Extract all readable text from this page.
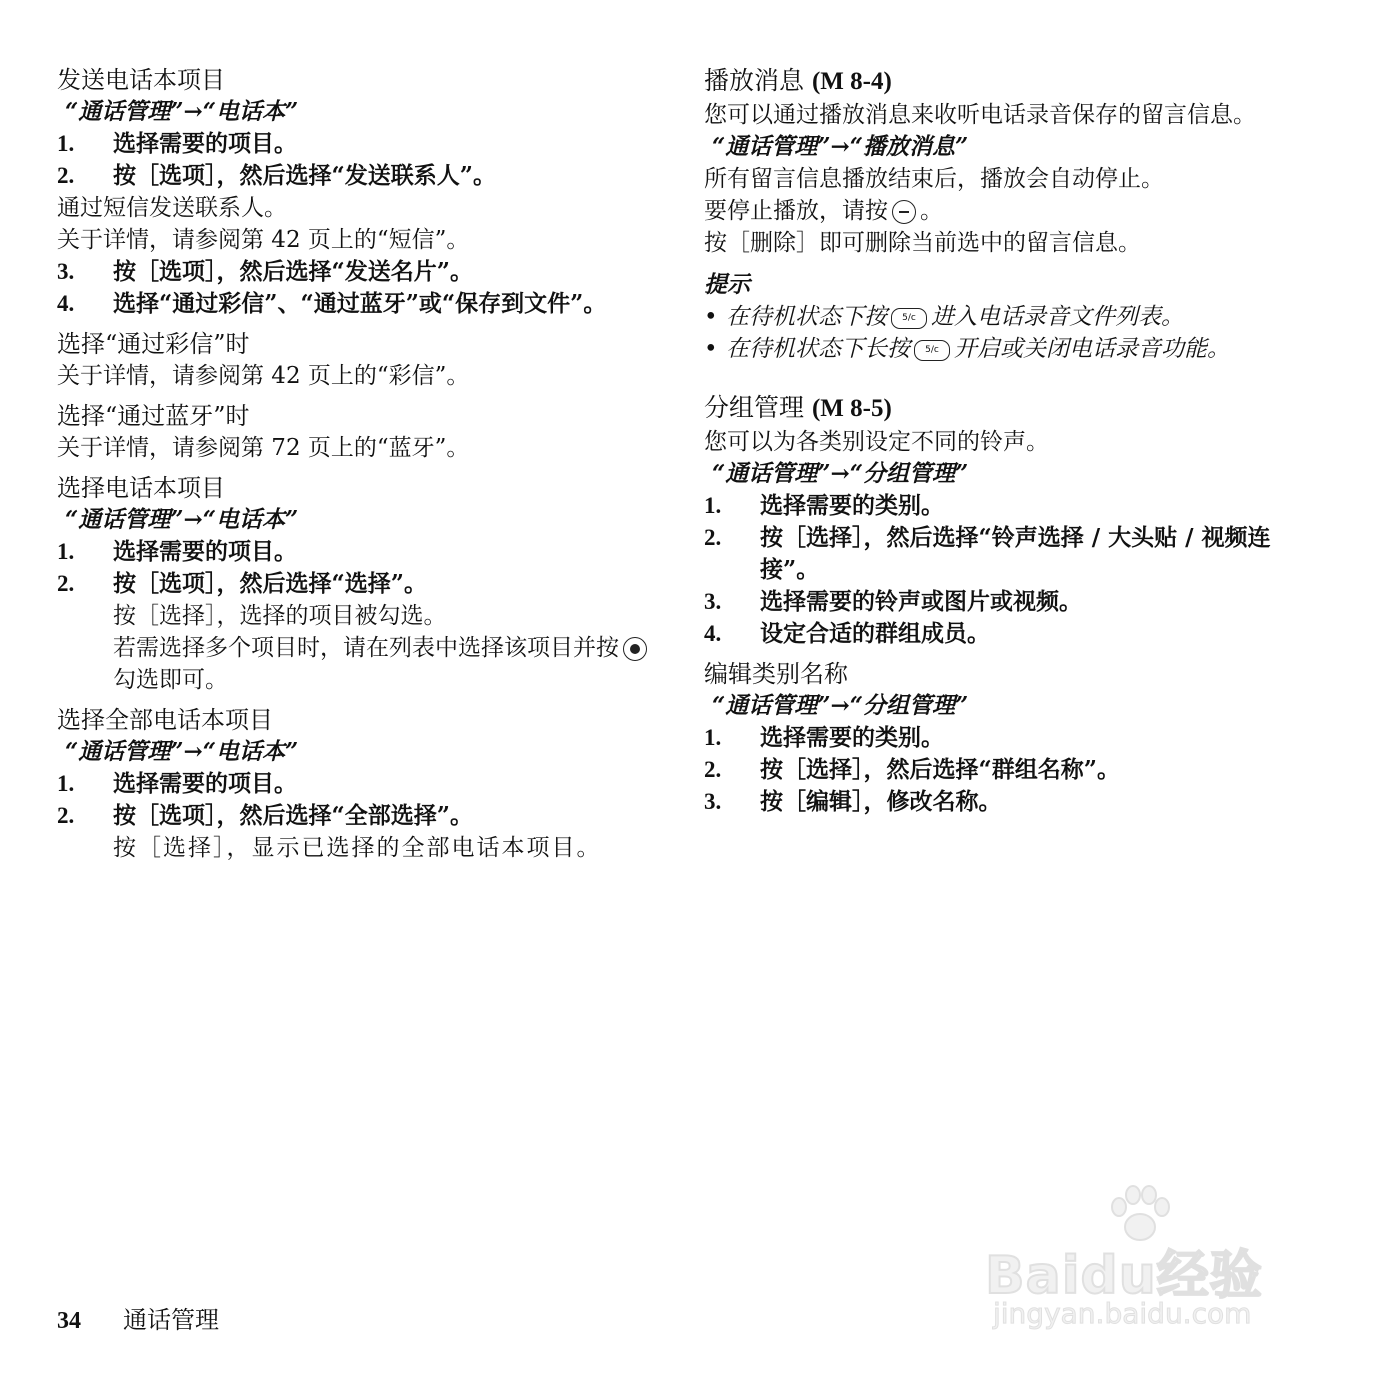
发送电话本项目
“通话管理”→“电话本”
1.	选择需要的项目。
2.	按［选项］，然后选择“发送联系人”。
通过短信发送联系人。
关于详情，请参阅第 42 页上的“短信”。
3.	按［选项］，然后选择“发送名片”。
4.	选择“通过彩信”、“通过蓝牙”或“保存到文件”。
选择“通过彩信”时
关于详情，请参阅第 42 页上的“彩信”。
选择“通过蓝牙”时
关于详情，请参阅第 72 页上的“蓝牙”。
选择电话本项目
“通话管理”→“电话本”
1.	选择需要的项目。
2.	按［选项］，然后选择“选择”。
按［选择］，选择的项目被勾选。
若需选择多个项目时，请在列表中选择该项目并按勾选即可。
选择全部电话本项目
“通话管理”→“电话本”
1.	选择需要的项目。
2.	按［选项］，然后选择“全部选择”。
按［选择］，显示已选择的全部电话本项目。
播放消息 (M 8-4)
您可以通过播放消息来收听电话录音保存的留言信息。
“通话管理”→“播放消息”
所有留言信息播放结束后，播放会自动停止。
要停止播放，请按 。
按［删除］即可删除当前选中的留言信息。
提示
• 在待机状态下按 5/c 进入电话录音文件列表。
• 在待机状态下长按 5/c 开启或关闭电话录音功能。
分组管理 (M 8-5)
您可以为各类别设定不同的铃声。
“通话管理”→“分组管理”
1.	选择需要的类别。
2.	按［选择］，然后选择“铃声选择 / 大头贴 / 视频连接”。
3.	选择需要的铃声或图片或视频。
4.	设定合适的群组成员。
编辑类别名称
“通话管理”→“分组管理”
1.	选择需要的类别。
2.	按［选择］，然后选择“群组名称”。
3.	按［编辑］，修改名称。
34 通话管理
Baidu经验
jingyan.baidu.com
